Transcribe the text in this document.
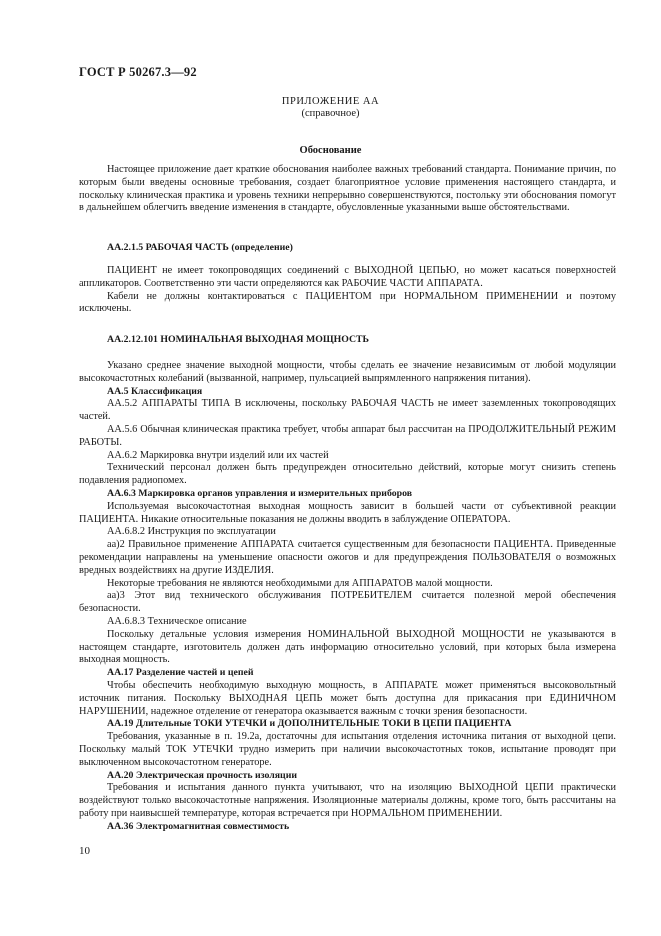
ГОСТ Р 50267.3—92
ПРИЛОЖЕНИЕ АА
(справочное)
Обоснование

Настоящее приложение дает краткие обоснования наиболее важных требований стандарта. Понимание причин, по которым были введены основные требования, создает благоприятное условие применения настоящего стандарта, и поскольку клиническая практика и уровень техники непрерывно совершенствуются, постольку эти обоснования помогут в дальнейшем облегчить введение изменения в стандарте, обусловленные указанными выше обстоятельствами.

АА.2.1.5 РАБОЧАЯ ЧАСТЬ (определение)

ПАЦИЕНТ не имеет токопроводящих соединений с ВЫХОДНОЙ ЦЕПЬЮ, но может касаться поверхностей аппликаторов. Соответственно эти части определяются как РАБОЧИЕ ЧАСТИ АППАРАТА.

Кабели не должны контактироваться с ПАЦИЕНТОМ при НОРМАЛЬНОМ ПРИМЕНЕНИИ и поэтому исключены.

АА.2.12.101 НОМИНАЛЬНАЯ ВЫХОДНАЯ МОЩНОСТЬ

Указано среднее значение выходной мощности, чтобы сделать ее значение независимым от любой модуляции высокочастотных колебаний (вызванной, например, пульсацией выпрямленного напряжения питания).

АА.5 Классификация

АА.5.2 АППАРАТЫ ТИПА В исключены, поскольку РАБОЧАЯ ЧАСТЬ не имеет заземленных токопроводящих частей.

АА.5.6 Обычная клиническая практика требует, чтобы аппарат был рассчитан на ПРОДОЛЖИТЕЛЬНЫЙ РЕЖИМ РАБОТЫ.

АА.6.2 Маркировка внутри изделий или их частей

Технический персонал должен быть предупрежден относительно действий, которые могут снизить степень подавления радиопомех.

АА.6.3 Маркировка органов управления и измерительных приборов

Используемая высокочастотная выходная мощность зависит в большей части от субъективной реакции ПАЦИЕНТА. Никакие относительные показания не должны вводить в заблуждение ОПЕРАТОРА.

АА.6.8.2 Инструкция по эксплуатации

аа)2 Правильное применение АППАРАТА считается существенным для безопасности ПАЦИЕНТА. Приведенные рекомендации направлены на уменьшение опасности ожогов и для предупреждения ПОЛЬЗОВАТЕЛЯ о возможных вредных воздействиях на другие ИЗДЕЛИЯ.

Некоторые требования не являются необходимыми для АППАРАТОВ малой мощности.

аа)3 Этот вид технического обслуживания ПОТРЕБИТЕЛЕМ считается полезной мерой обеспечения безопасности.

АА.6.8.3 Техническое описание

Поскольку детальные условия измерения НОМИНАЛЬНОЙ ВЫХОДНОЙ МОЩНОСТИ не указываются в настоящем стандарте, изготовитель должен дать информацию относительно условий, при которых была измерена выходная мощность.

АА.17 Разделение частей и цепей

Чтобы обеспечить необходимую выходную мощность, в АППАРАТЕ может применяться высоковольтный источник питания. Поскольку ВЫХОДНАЯ ЦЕПЬ может быть доступна для прикасания при ЕДИНИЧНОМ НАРУШЕНИИ, надежное отделение от генератора оказывается важным с точки зрения безопасности.

АА.19 Длительные ТОКИ УТЕЧКИ и ДОПОЛНИТЕЛЬНЫЕ ТОКИ В ЦЕПИ ПАЦИЕНТА

Требования, указанные в п. 19.2а, достаточны для испытания отделения источника питания от выходной цепи. Поскольку малый ТОК УТЕЧКИ трудно измерить при наличии высокочастотных токов, испытание проводят при выключенном высокочастотном генераторе.

АА.20 Электрическая прочность изоляции

Требования и испытания данного пункта учитывают, что на изоляцию ВЫХОДНОЙ ЦЕПИ практически воздействуют только высокочастотные напряжения. Изоляционные материалы должны, кроме того, быть рассчитаны на работу при наивысшей температуре, которая встречается при НОРМАЛЬНОМ ПРИМЕНЕНИИ.

АА.36 Электромагнитная совместимость

10
